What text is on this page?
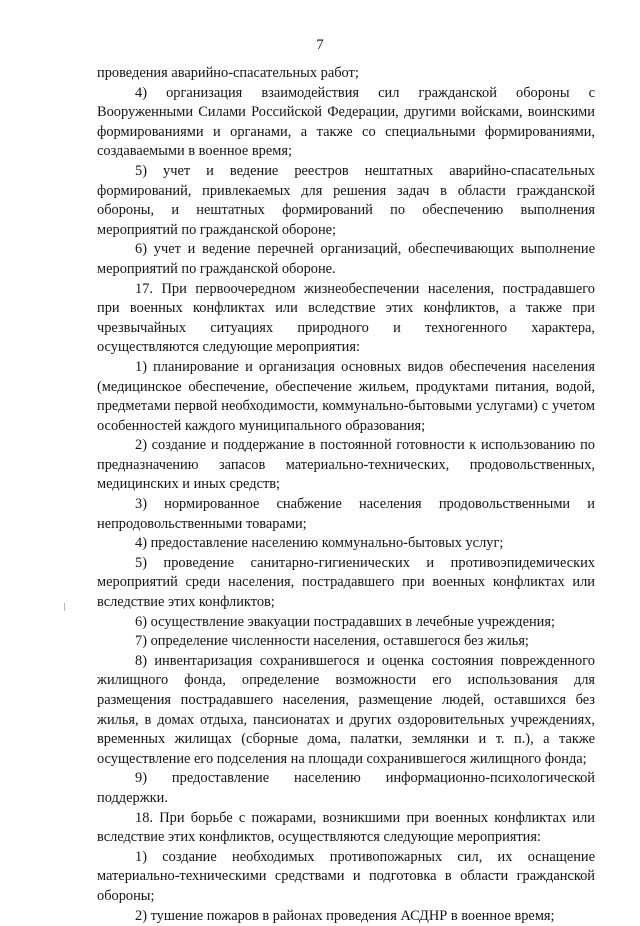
7

проведения аварийно-спасательных работ;

4) организация взаимодействия сил гражданской обороны с Вооруженными Силами Российской Федерации, другими войсками, воинскими формированиями и органами, а также со специальными формированиями, создаваемыми в военное время;

5) учет и ведение реестров нештатных аварийно-спасательных формирований, привлекаемых для решения задач в области гражданской обороны, и нештатных формирований по обеспечению выполнения мероприятий по гражданской обороне;

6) учет и ведение перечней организаций, обеспечивающих выполнение мероприятий по гражданской обороне.

17. При первоочередном жизнеобеспечении населения, пострадавшего при военных конфликтах или вследствие этих конфликтов, а также при чрезвычайных ситуациях природного и техногенного характера, осуществляются следующие мероприятия:

1) планирование и организация основных видов обеспечения населения (медицинское обеспечение, обеспечение жильем, продуктами питания, водой, предметами первой необходимости, коммунально-бытовыми услугами) с учетом особенностей каждого муниципального образования;

2) создание и поддержание в постоянной готовности к использованию по предназначению запасов материально-технических, продовольственных, медицинских и иных средств;

3) нормированное снабжение населения продовольственными и непродовольственными товарами;

4) предоставление населению коммунально-бытовых услуг;

5) проведение санитарно-гигиенических и противоэпидемических мероприятий среди населения, пострадавшего при военных конфликтах или вследствие этих конфликтов;

6) осуществление эвакуации пострадавших в лечебные учреждения;

7) определение численности населения, оставшегося без жилья;

8) инвентаризация сохранившегося и оценка состояния поврежденного жилищного фонда, определение возможности его использования для размещения пострадавшего населения, размещение людей, оставшихся без жилья, в домах отдыха, пансионатах и других оздоровительных учреждениях, временных жилищах (сборные дома, палатки, землянки и т. п.), а также осуществление его подселения на площади сохранившегося жилищного фонда;

9) предоставление населению информационно-психологической поддержки.

18. При борьбе с пожарами, возникшими при военных конфликтах или вследствие этих конфликтов, осуществляются следующие мероприятия:

1) создание необходимых противопожарных сил, их оснащение материально-техническими средствами и подготовка в области гражданской обороны;

2) тушение пожаров в районах проведения АСДНР в военное время;
